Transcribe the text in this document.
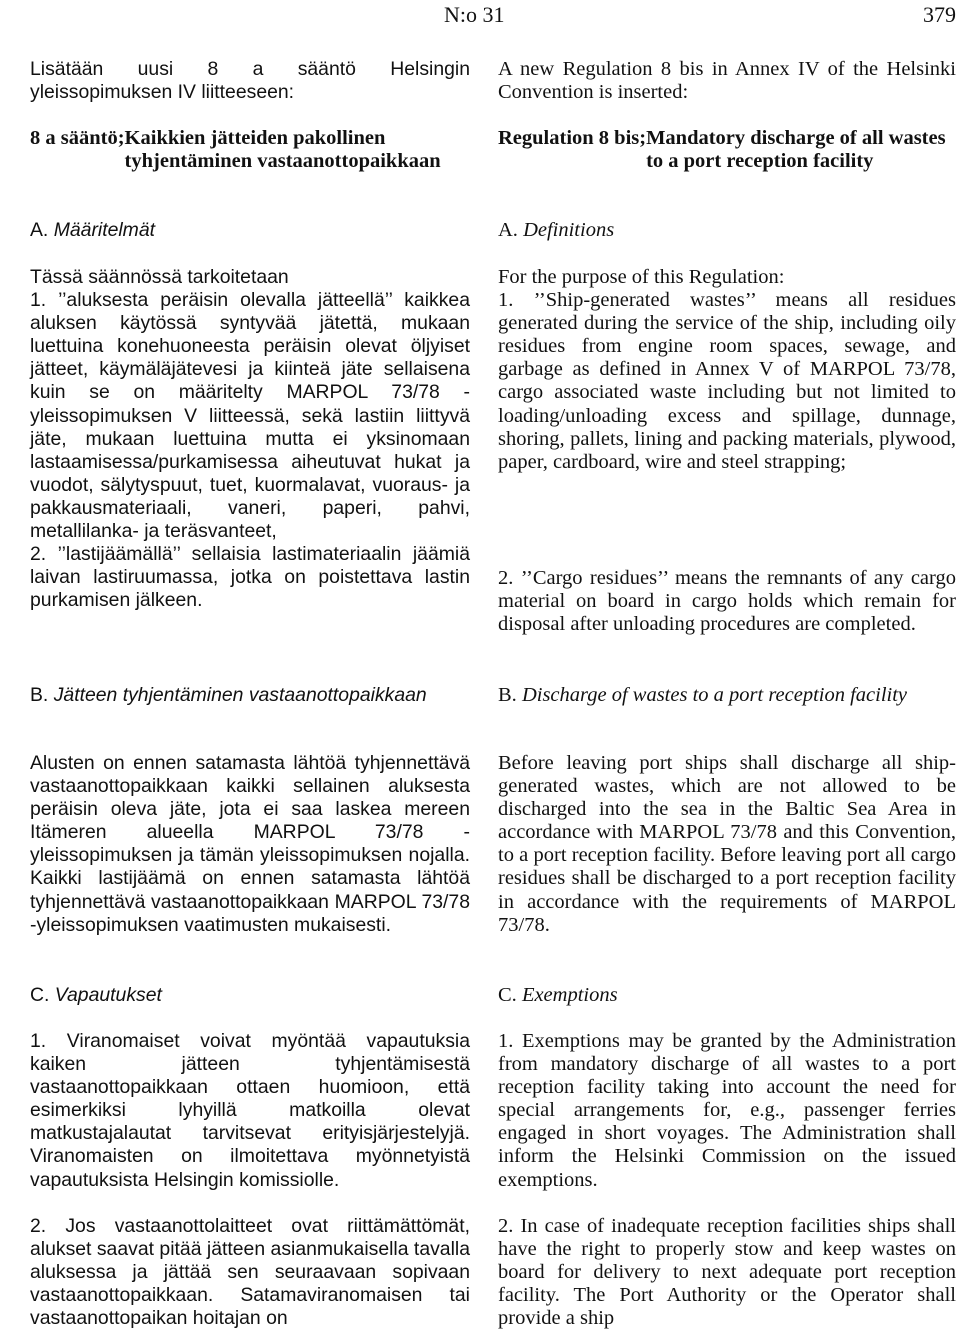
N:o 31	379

Lisätään uusi 8 a sääntö Helsingin yleissopimuksen IV liitteeseen:

8 a sääntö; Kaikkien jätteiden pakollinen tyhjentäminen vastaanottopaikkaan

A. Määritelmät

Tässä säännössä tarkoitetaan

1. ’’aluksesta peräisin olevalla jätteellä’’ kaikkea aluksen käytössä syntyvää jätettä, mukaan luettuina konehuoneesta peräisin olevat öljyiset jätteet, käymäläjätevesi ja kiinteä jäte sellaisena kuin se on määritelty MARPOL 73/78 -yleissopimuksen V liitteessä, sekä lastiin liittyvä jäte, mukaan luettuina mutta ei yksinomaan lastaamisessa/purkamisessa aiheutuvat hukat ja vuodot, sälytyspuut, tuet, kuormalavat, vuoraus- ja pakkausmateriaali, vaneri, paperi, pahvi, metallilanka- ja teräsvanteet,

2. ’’lastijäämällä’’ sellaisia lastimateriaalin jäämiä laivan lastiruumassa, jotka on poistettava lastin purkamisen jälkeen.

B. Jätteen tyhjentäminen vastaanottopaikkaan

Alusten on ennen satamasta lähtöä tyhjennettävä vastaanottopaikkaan kaikki sellainen aluksesta peräisin oleva jäte, jota ei saa laskea mereen Itämeren alueella MARPOL 73/78 -yleissopimuksen ja tämän yleissopimuksen nojalla. Kaikki lastijäämä on ennen satamasta lähtöä tyhjennettävä vastaanottopaikkaan MARPOL 73/78 -yleissopimuksen vaatimusten mukaisesti.

C. Vapautukset

1. Viranomaiset voivat myöntää vapautuksia kaiken jätteen tyhjentämisestä vastaanottopaikkaan ottaen huomioon, että esimerkiksi lyhyillä matkoilla olevat matkustajalautat tarvitsevat erityisjärjestelyjä. Viranomaisten on ilmoitettava myönnetyistä vapautuksista Helsingin komissiolle.

2. Jos vastaanottolaitteet ovat riittämättömät, alukset saavat pitää jätteen asianmukaisella tavalla aluksessa ja jättää sen seuraavaan sopivaan vastaanottopaikkaan. Satamaviranomaisen tai vastaanottopaikan hoitajan on

A new Regulation 8 bis in Annex IV of the Helsinki Convention is inserted:

Regulation 8 bis; Mandatory discharge of all wastes to a port reception facility

A. Definitions

For the purpose of this Regulation:

1. ’’Ship-generated wastes’’ means all residues generated during the service of the ship, including oily residues from engine room spaces, sewage, and garbage as defined in Annex V of MARPOL 73/78, cargo associated waste including but not limited to loading/unloading excess and spillage, dunnage, shoring, pallets, lining and packing materials, plywood, paper, cardboard, wire and steel strapping;

2. ’’Cargo residues’’ means the remnants of any cargo material on board in cargo holds which remain for disposal after unloading procedures are completed.

B. Discharge of wastes to a port reception facility

Before leaving port ships shall discharge all ship-generated wastes, which are not allowed to be discharged into the sea in the Baltic Sea Area in accordance with MARPOL 73/78 and this Convention, to a port reception facility. Before leaving port all cargo residues shall be discharged to a port reception facility in accordance with the requirements of MARPOL 73/78.

C. Exemptions

1. Exemptions may be granted by the Administration from mandatory discharge of all wastes to a port reception facility taking into account the need for special arrangements for, e.g., passenger ferries engaged in short voyages. The Administration shall inform the Helsinki Commission on the issued exemptions.

2. In case of inadequate reception facilities ships shall have the right to properly stow and keep wastes on board for delivery to next adequate port reception facility. The Port Authority or the Operator shall provide a ship
